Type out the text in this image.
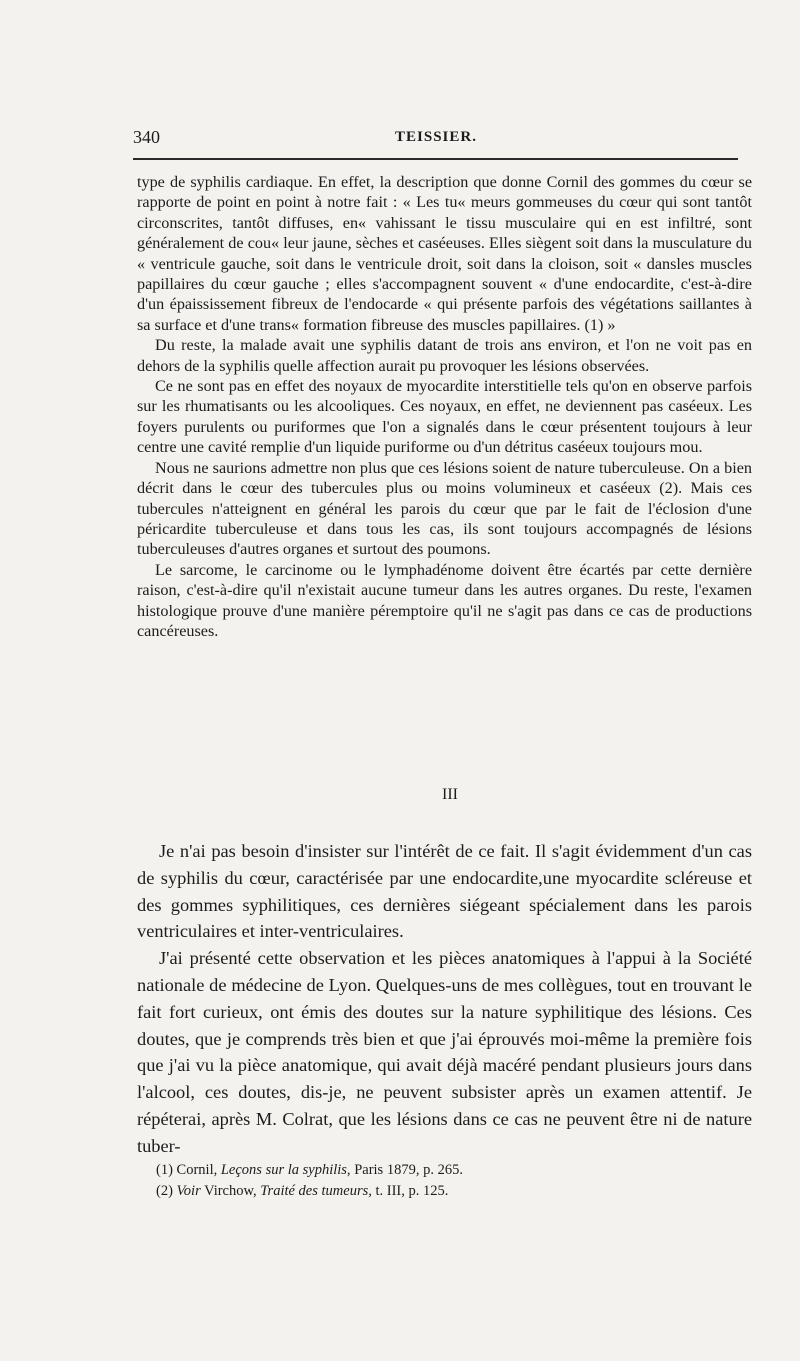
340	TEISSIER.

type de syphilis cardiaque. En effet, la description que donne Cornil des gommes du cœur se rapporte de point en point à notre fait : « Les tu« meurs gommeuses du cœur qui sont tantôt circonscrites, tantôt diffuses, en« vahissant le tissu musculaire qui en est infiltré, sont généralement de cou« leur jaune, sèches et caséeuses. Elles siègent soit dans la musculature du « ventricule gauche, soit dans le ventricule droit, soit dans la cloison, soit « dansles muscles papillaires du cœur gauche ; elles s'accompagnent souvent « d'une endocardite, c'est-à-dire d'un épaississement fibreux de l'endocarde « qui présente parfois des végétations saillantes à sa surface et d'une trans« formation fibreuse des muscles papillaires. (1) »

Du reste, la malade avait une syphilis datant de trois ans environ, et l'on ne voit pas en dehors de la syphilis quelle affection aurait pu provoquer les lésions observées.

Ce ne sont pas en effet des noyaux de myocardite interstitielle tels qu'on en observe parfois sur les rhumatisants ou les alcooliques. Ces noyaux, en effet, ne deviennent pas caséeux. Les foyers purulents ou puriformes que l'on a signalés dans le cœur présentent toujours à leur centre une cavité remplie d'un liquide puriforme ou d'un détritus caséeux toujours mou.

Nous ne saurions admettre non plus que ces lésions soient de nature tuberculeuse. On a bien décrit dans le cœur des tubercules plus ou moins volumineux et caséeux (2). Mais ces tubercules n'atteignent en général les parois du cœur que par le fait de l'éclosion d'une péricardite tuberculeuse et dans tous les cas, ils sont toujours accompagnés de lésions tuberculeuses d'autres organes et surtout des poumons.

Le sarcome, le carcinome ou le lymphadénome doivent être écartés par cette dernière raison, c'est-à-dire qu'il n'existait aucune tumeur dans les autres organes. Du reste, l'examen histologique prouve d'une manière péremptoire qu'il ne s'agit pas dans ce cas de productions cancéreuses.

III

Je n'ai pas besoin d'insister sur l'intérêt de ce fait. Il s'agit évidemment d'un cas de syphilis du cœur, caractérisée par une endocardite,une myocardite scléreuse et des gommes syphilitiques, ces dernières siégeant spécialement dans les parois ventriculaires et inter-ventriculaires.

J'ai présenté cette observation et les pièces anatomiques à l'appui à la Société nationale de médecine de Lyon. Quelques-uns de mes collègues, tout en trouvant le fait fort curieux, ont émis des doutes sur la nature syphilitique des lésions. Ces doutes, que je comprends très bien et que j'ai éprouvés moi-même la première fois que j'ai vu la pièce anatomique, qui avait déjà macéré pendant plusieurs jours dans l'alcool, ces doutes, dis-je, ne peuvent subsister après un examen attentif. Je répéterai, après M. Colrat, que les lésions dans ce cas ne peuvent être ni de nature tuber-

(1) Cornil, Leçons sur la syphilis, Paris 1879, p. 265.
(2) Voir Virchow, Traité des tumeurs, t. III, p. 125.
